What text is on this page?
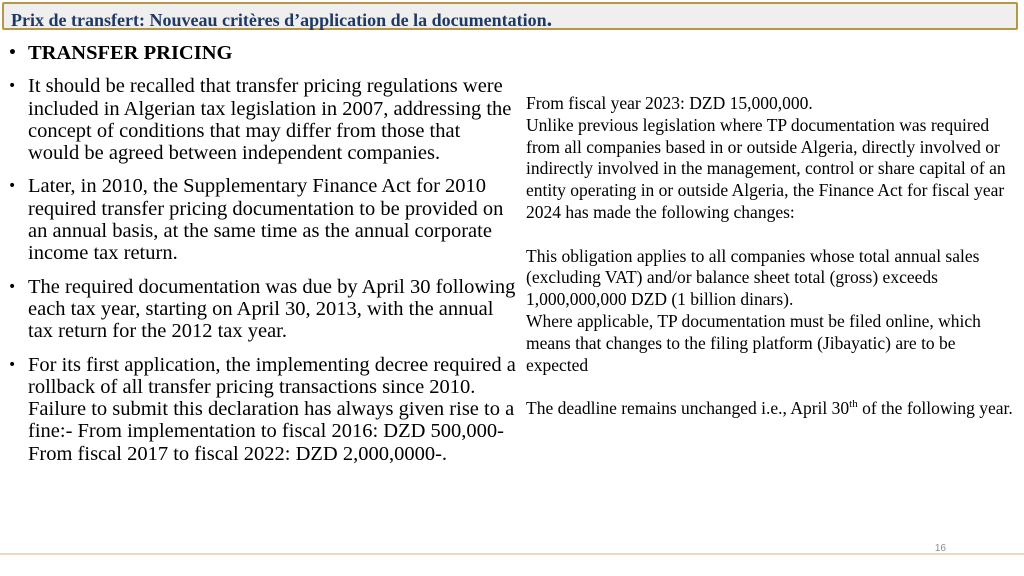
Prix de transfert: Nouveau critères d’application de la documentation.

• TRANSFER PRICING

• It should be recalled that transfer pricing regulations were included in Algerian tax legislation in 2007, addressing the concept of conditions that may differ from those that would be agreed between independent companies.

• Later, in 2010, the Supplementary Finance Act for 2010 required transfer pricing documentation to be provided on an annual basis, at the same time as the annual corporate income tax return.

• The required documentation was due by April 30 following each tax year, starting on April 30, 2013, with the annual tax return for the 2012 tax year.

• For its first application, the implementing decree required a rollback of all transfer pricing transactions since 2010. Failure to submit this declaration has always given rise to a fine:- From implementation to fiscal 2016: DZD 500,000- From fiscal 2017 to fiscal 2022: DZD 2,000,0000-.

From fiscal year 2023: DZD 15,000,000.

Unlike previous legislation where TP documentation was required from all companies based in or outside Algeria, directly involved or indirectly involved in the management, control or share capital of an entity operating in or outside Algeria, the Finance Act for fiscal year 2024 has made the following changes:

This obligation applies to all companies whose total annual sales (excluding VAT) and/or balance sheet total (gross) exceeds 1,000,000,000 DZD (1 billion dinars).

Where applicable, TP documentation must be filed online, which means that changes to the filing platform (Jibayatic) are to be expected

The deadline remains unchanged i.e., April 30th of the following year.

16
